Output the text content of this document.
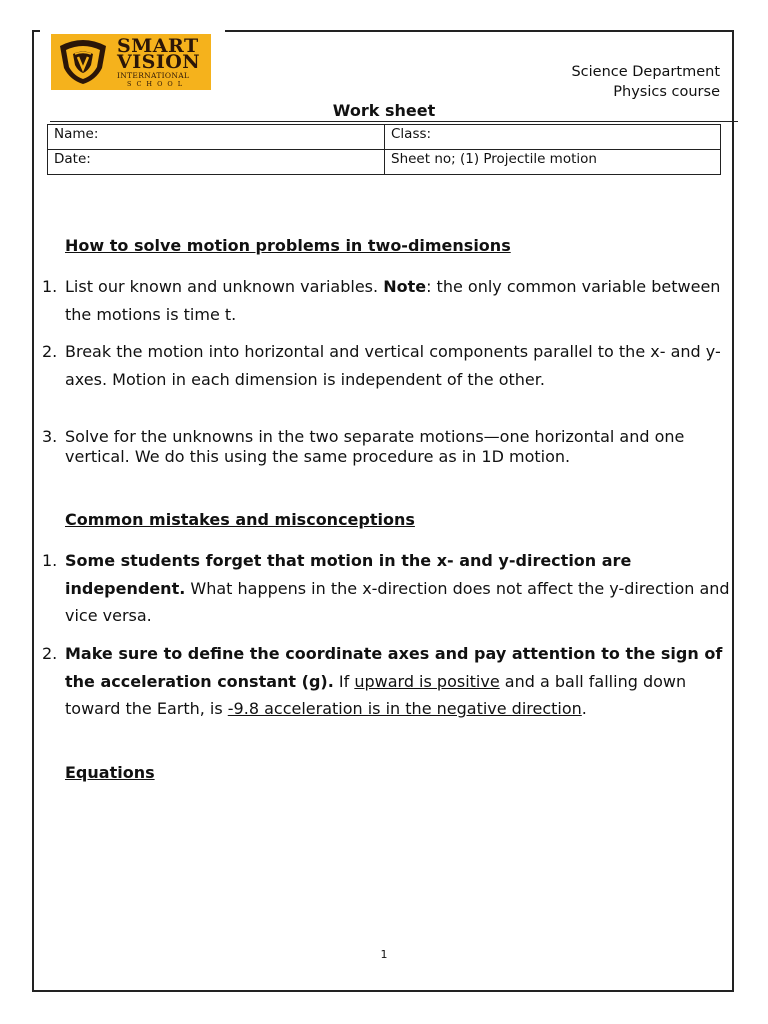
SMART
VISION
INTERNATIONAL
SCHOOL
Science Department
Physics course
Work sheet
Name:	Class:
Date:	Sheet no; (1) Projectile motion
How to solve motion problems in two-dimensions
1. List our known and unknown variables. Note: the only common variable between the motions is time t.
2. Break the motion into horizontal and vertical components parallel to the x- and y-axes. Motion in each dimension is independent of the other.
3. Solve for the unknowns in the two separate motions—one horizontal and one vertical. We do this using the same procedure as in 1D motion.
Common mistakes and misconceptions
1. Some students forget that motion in the x- and y-direction are independent. What happens in the x-direction does not affect the y-direction and vice versa.
2. Make sure to define the coordinate axes and pay attention to the sign of the acceleration constant (g). If upward is positive and a ball falling down toward the Earth, is -9.8 acceleration is in the negative direction.
Equations
1
